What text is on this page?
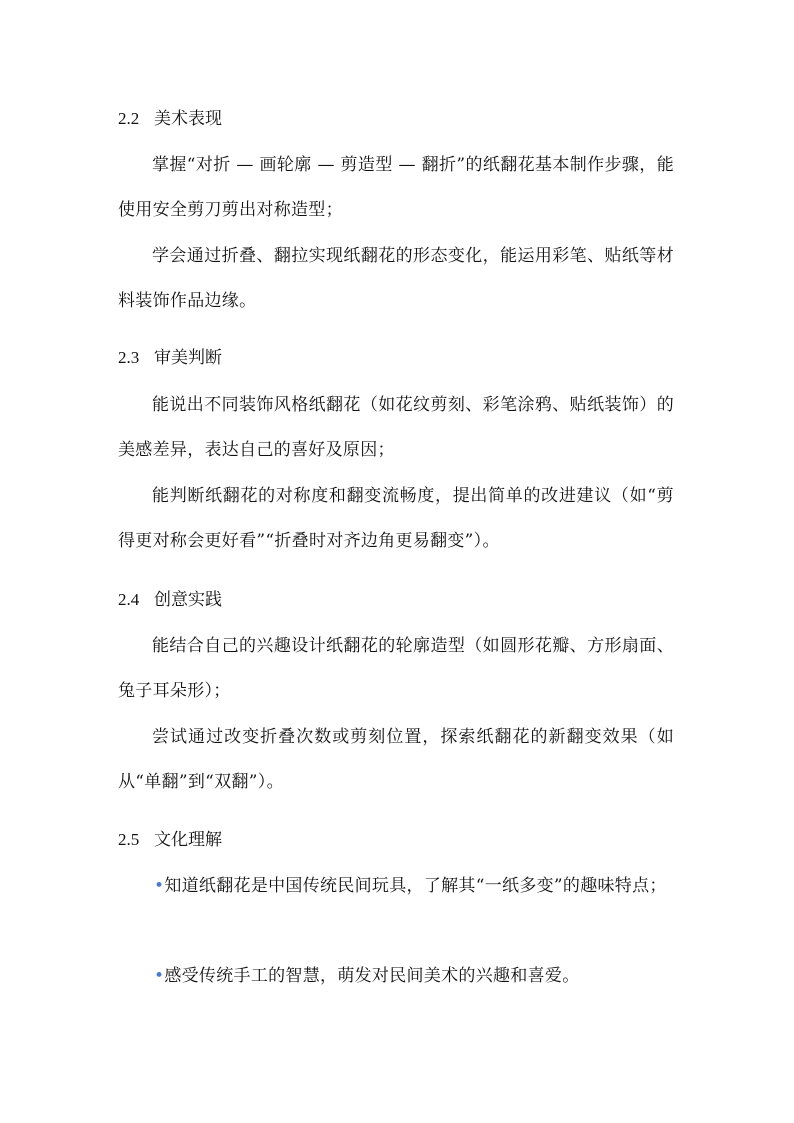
2.2 美术表现
掌握“对折 — 画轮廓 — 剪造型 — 翻折”的纸翻花基本制作步骤，能使用安全剪刀剪出对称造型；
学会通过折叠、翻拉实现纸翻花的形态变化，能运用彩笔、贴纸等材料装饰作品边缘。
2.3 审美判断
能说出不同装饰风格纸翻花（如花纹剪刻、彩笔涂鸦、贴纸装饰）的美感差异，表达自己的喜好及原因；
能判断纸翻花的对称度和翻变流畅度，提出简单的改进建议（如“剪得更对称会更好看”“折叠时对齐边角更易翻变”）。
2.4 创意实践
能结合自己的兴趣设计纸翻花的轮廓造型（如圆形花瓣、方形扇面、兔子耳朵形）；
尝试通过改变折叠次数或剪刻位置，探索纸翻花的新翻变效果（如从“单翻”到“双翻”）。
2.5 文化理解
•知道纸翻花是中国传统民间玩具，了解其“一纸多变”的趣味特点；
•感受传统手工的智慧，萌发对民间美术的兴趣和喜爱。
